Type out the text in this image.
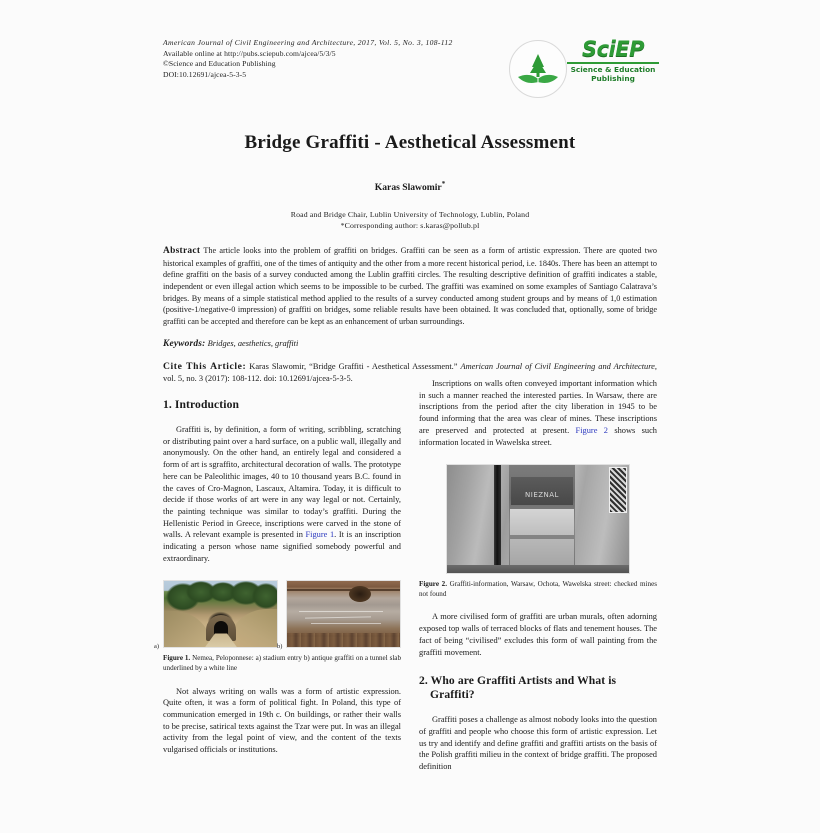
American Journal of Civil Engineering and Architecture, 2017, Vol. 5, No. 3, 108-112
Available online at http://pubs.sciepub.com/ajcea/5/3/5
©Science and Education Publishing
DOI:10.12691/ajcea-5-3-5
SciEP
Science & Education
Publishing
Bridge Graffiti - Aesthetical Assessment
Karas Slawomir*
Road and Bridge Chair, Lublin University of Technology, Lublin, Poland
*Corresponding author: s.karas@pollub.pl
Abstract The article looks into the problem of graffiti on bridges. Graffiti can be seen as a form of artistic expression. There are quoted two historical examples of graffiti, one of the times of antiquity and the other from a more recent historical period, i.e. 1840s. There has been an attempt to define graffiti on the basis of a survey conducted among the Lublin graffiti circles. The resulting descriptive definition of graffiti indicates a stable, independent or even illegal action which seems to be impossible to be curbed. The graffiti was examined on some examples of Santiago Calatrava’s bridges. By means of a simple statistical method applied to the results of a survey conducted among student groups and by means of 1,0 estimation (positive-1/negative-0 impression) of graffiti on bridges, some reliable results have been obtained. It was concluded that, optionally, some of bridge graffiti can be accepted and therefore can be kept as an enhancement of urban surroundings.
Keywords: Bridges, aesthetics, graffiti
Cite This Article: Karas Slawomir, “Bridge Graffiti - Aesthetical Assessment.” American Journal of Civil Engineering and Architecture, vol. 5, no. 3 (2017): 108-112. doi: 10.12691/ajcea-5-3-5.
1. Introduction

Graffiti is, by definition, a form of writing, scribbling, scratching or distributing paint over a hard surface, on a public wall, illegally and anonymously. On the other hand, an entirely legal and considered a form of art is sgraffito, architectural decoration of walls. The prototype here can be Paleolithic images, 40 to 10 thousand years B.C. found in the caves of Cro-Magnon, Lascaux, Altamira. Today, it is difficult to decide if those works of art were in any way legal or not. Certainly, the painting technique was similar to today’s graffiti. During the Hellenistic Period in Greece, inscriptions were carved in the stone of walls. A relevant example is presented in Figure 1. It is an inscription indicating a person whose name signified somebody powerful and extraordinary.

a)	b)
Figure 1. Nemea, Peloponnese: a) stadium entry b) antique graffiti on a tunnel slab underlined by a white line

Not always writing on walls was a form of artistic expression. Quite often, it was a form of political fight. In Poland, this type of communication emerged in 19th c. On buildings, or rather their walls to be precise, satirical texts against the Tzar were put. In was an illegal activity from the legal point of view, and the content of the texts vulgarised officials or institutions.

Inscriptions on walls often conveyed important information which in such a manner reached the interested parties. In Warsaw, there are inscriptions from the period after the city liberation in 1945 to be found informing that the area was clear of mines. These inscriptions are preserved and protected at present. Figure 2 shows such information located in Wawelska street.

NIEZNAL
Figure 2. Graffiti-information, Warsaw, Ochota, Wawelska street: checked mines not found

A more civilised form of graffiti are urban murals, often adorning exposed top walls of terraced blocks of flats and tenement houses. The fact of being “civilised” excludes this form of wall painting from the graffiti movement.

2. Who are Graffiti Artists and What is
Graffiti?

Graffiti poses a challenge as almost nobody looks into the question of graffiti and people who choose this form of artistic expression. Let us try and identify and define graffiti and graffiti artists on the basis of the Polish graffiti milieu in the context of bridge graffiti. The proposed definition
